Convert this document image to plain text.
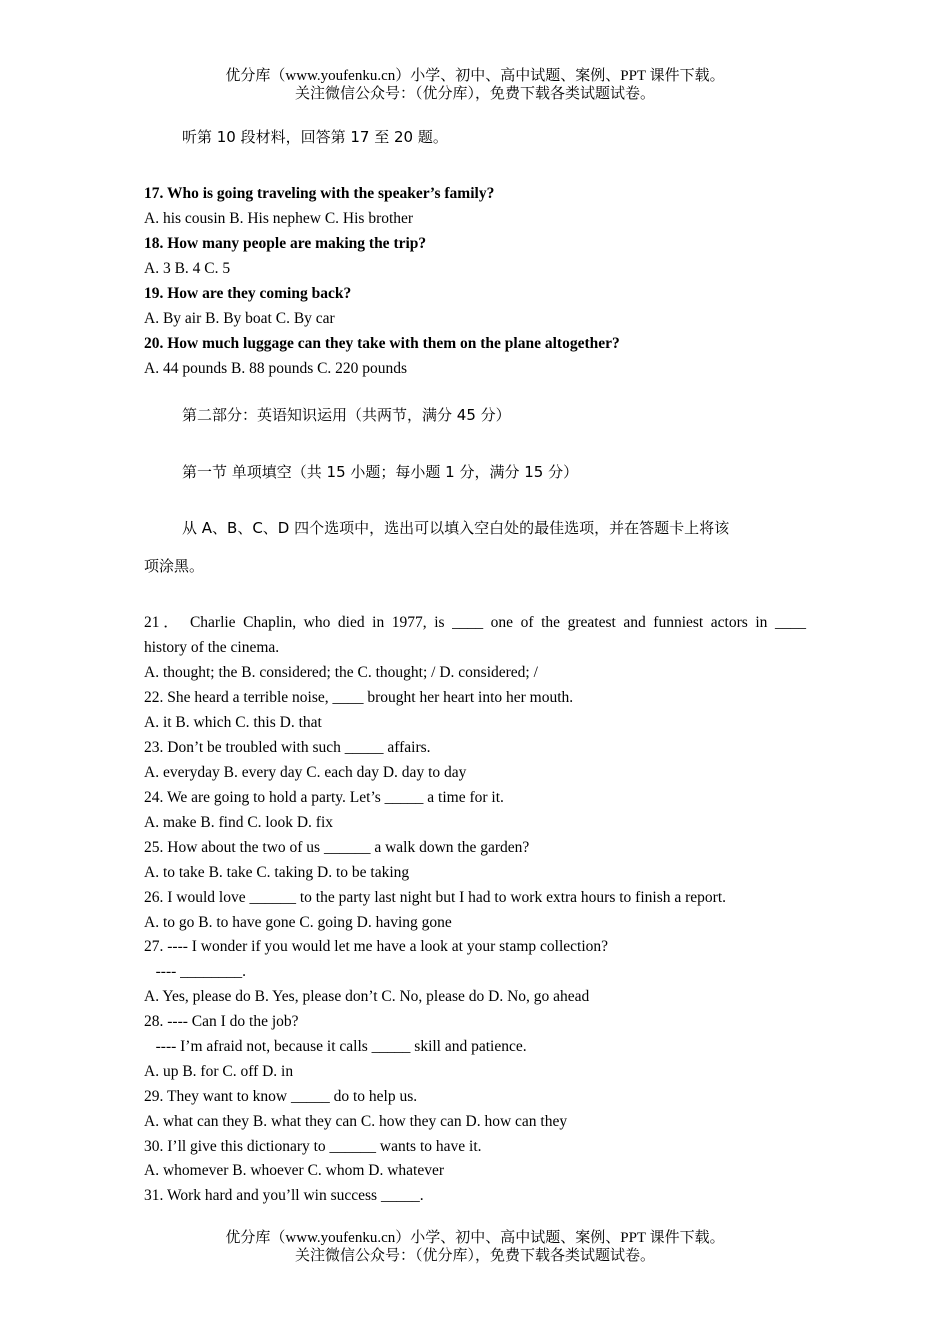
优分库（www.youfenku.cn）小学、初中、高中试题、案例、PPT 课件下载。
关注微信公众号：（优分库），免费下载各类试题试卷。
听第 10 段材料，回答第 17 至 20 题。
17. Who is going traveling with the speaker’s family?
A. his cousin B. His nephew C. His brother
18. How many people are making the trip?
A. 3 B. 4 C. 5
19. How are they coming back?
A. By air B. By boat C. By car
20. How much luggage can they take with them on the plane altogether?
A. 44 pounds B. 88 pounds C. 220 pounds
第二部分：英语知识运用（共两节，满分 45 分）
第一节 单项填空（共 15 小题；每小题 1 分，满分 15 分）
从 A、B、C、D 四个选项中，选出可以填入空白处的最佳选项，并在答题卡上将该
项涂黑。
21． Charlie Chaplin, who died in 1977, is ____ one of the greatest and funniest actors in ____
history of the cinema.
A. thought; the B. considered; the C. thought; / D. considered; /
22. She heard a terrible noise, ____ brought her heart into her mouth.
A. it B. which C. this D. that
23. Don’t be troubled with such _____ affairs.
A. everyday B. every day C. each day D. day to day
24. We are going to hold a party. Let’s _____ a time for it.
A. make B. find C. look D. fix
25. How about the two of us ______ a walk down the garden?
A. to take B. take C. taking D. to be taking
26. I would love ______ to the party last night but I had to work extra hours to finish a report.
A. to go B. to have gone C. going D. having gone
27. ---- I wonder if you would let me have a look at your stamp collection?
---- ________.
A. Yes, please do B. Yes, please don’t C. No, please do D. No, go ahead
28. ---- Can I do the job?
---- I’m afraid not, because it calls _____ skill and patience.
A. up B. for C. off D. in
29. They want to know _____ do to help us.
A. what can they B. what they can C. how they can D. how can they
30. I’ll give this dictionary to ______ wants to have it.
A. whomever B. whoever C. whom D. whatever
31. Work hard and you’ll win success _____.
优分库（www.youfenku.cn）小学、初中、高中试题、案例、PPT 课件下载。
关注微信公众号：（优分库），免费下载各类试题试卷。
